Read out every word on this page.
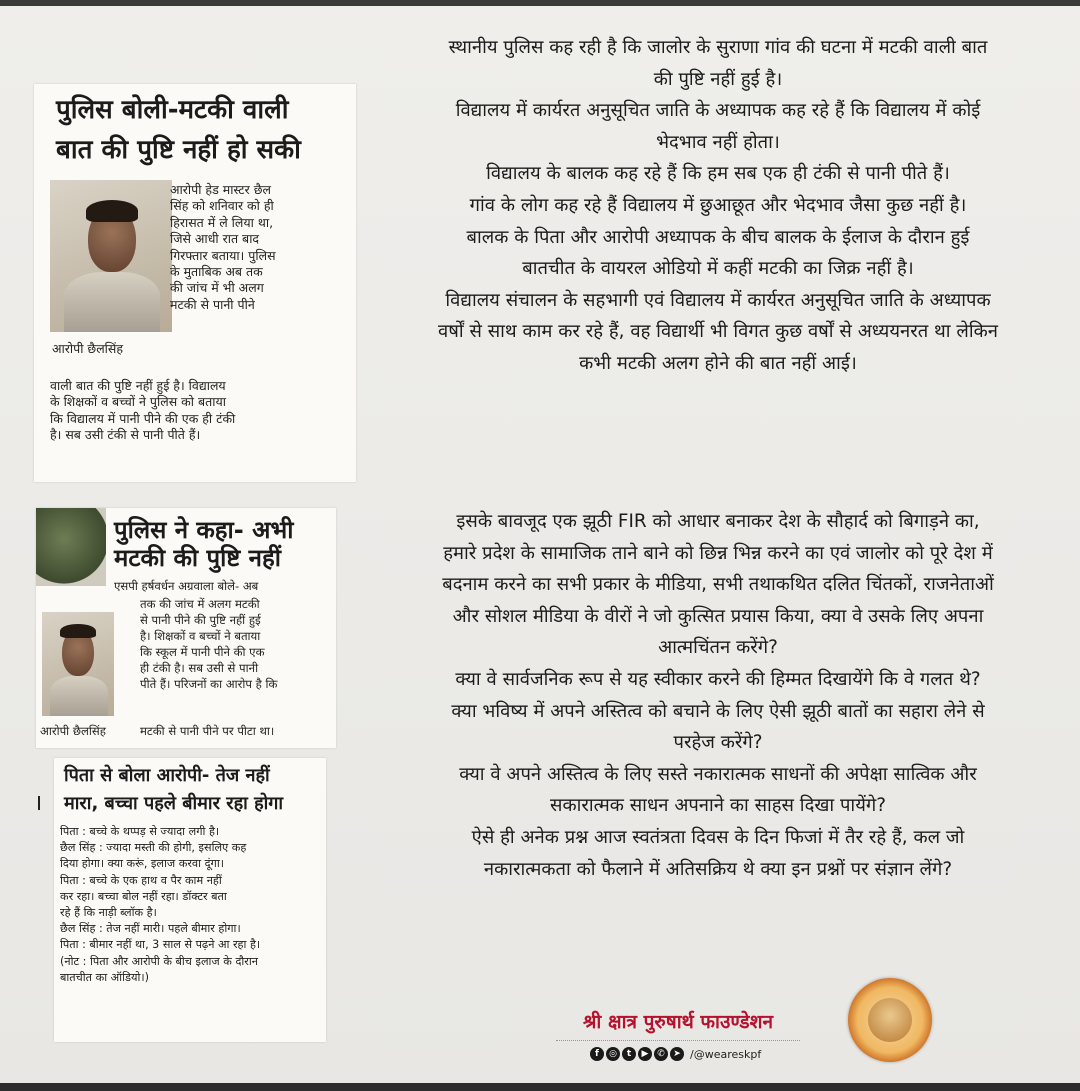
पुलिस बोली-मटकी वाली
बात की पुष्टि नहीं हो सकी
आरोपी हेड मास्टर छैल
सिंह को शनिवार को ही
हिरासत में ले लिया था,
जिसे आधी रात बाद
गिरफ्तार बताया। पुलिस
के मुताबिक अब तक
की जांच में भी अलग
मटकी से पानी पीने
आरोपी छैलसिंह
वाली बात की पुष्टि नहीं हुई है। विद्यालय
के शिक्षकों व बच्चों ने पुलिस को बताया
कि विद्यालय में पानी पीने की एक ही टंकी
है। सब उसी टंकी से पानी पीते हैं।
पुलिस ने कहा- अभी
मटकी की पुष्टि नहीं
एसपी हर्षवर्धन अग्रवाला बोले- अब
तक की जांच में अलग मटकी
से पानी पीने की पुष्टि नहीं हुई
है। शिक्षकों व बच्चों ने बताया
कि स्कूल में पानी पीने की एक
ही टंकी है। सब उसी से पानी
पीते हैं। परिजनों का आरोप है कि
आरोपी छैलसिंह	मटकी से पानी पीने पर पीटा था।
पिता से बोला आरोपी- तेज नहीं
मारा, बच्चा पहले बीमार रहा होगा
पिता : बच्चे के थप्पड़ से ज्यादा लगी है।
छैल सिंह : ज्यादा मस्ती की होगी, इसलिए कह
दिया होगा। क्या करूं, इलाज करवा दूंगा।
पिता : बच्चे के एक हाथ व पैर काम नहीं
कर रहा। बच्चा बोल नहीं रहा। डॉक्टर बता
रहे हैं कि नाड़ी ब्लॉक है।
छैल सिंह : तेज नहीं मारी। पहले बीमार होगा।
पिता : बीमार नहीं था, 3 साल से पढ़ने आ रहा है।
(नोट : पिता और आरोपी के बीच इलाज के दौरान
बातचीत का ऑडियो।)
स्थानीय पुलिस कह रही है कि जालोर के सुराणा गांव की घटना में मटकी वाली बात
की पुष्टि नहीं हुई है।
विद्यालय में कार्यरत अनुसूचित जाति के अध्यापक कह रहे हैं कि विद्यालय में कोई
भेदभाव नहीं होता।
विद्यालय के बालक कह रहे हैं कि हम सब एक ही टंकी से पानी पीते हैं।
गांव के लोग कह रहे हैं विद्यालय में छुआछूत और भेदभाव जैसा कुछ नहीं है।
बालक के पिता और आरोपी अध्यापक के बीच बालक के ईलाज के दौरान हुई
बातचीत के वायरल ओडियो में कहीं मटकी का जिक्र नहीं है।
विद्यालय संचालन के सहभागी एवं विद्यालय में कार्यरत अनुसूचित जाति के अध्यापक
वर्षों से साथ काम कर रहे हैं, वह विद्यार्थी भी विगत कुछ वर्षों से अध्ययनरत था लेकिन
कभी मटकी अलग होने की बात नहीं आई।
इसके बावजूद एक झूठी FIR को आधार बनाकर देश के सौहार्द को बिगाड़ने का,
हमारे प्रदेश के सामाजिक ताने बाने को छिन्न भिन्न करने का एवं जालोर को पूरे देश में
बदनाम करने का सभी प्रकार के मीडिया, सभी तथाकथित दलित चिंतकों, राजनेताओं
और सोशल मीडिया के वीरों ने जो कुत्सित प्रयास किया, क्या वे उसके लिए अपना
आत्मचिंतन करेंगे?
क्या वे सार्वजनिक रूप से यह स्वीकार करने की हिम्मत दिखायेंगे कि वे गलत थे?
क्या भविष्य में अपने अस्तित्व को बचाने के लिए ऐसी झूठी बातों का सहारा लेने से
परहेज करेंगे?
क्या वे अपने अस्तित्व के लिए सस्ते नकारात्मक साधनों की अपेक्षा सात्विक और
सकारात्मक साधन अपनाने का साहस दिखा पायेंगे?
ऐसे ही अनेक प्रश्न आज स्वतंत्रता दिवस के दिन फिजां में तैर रहे हैं, कल जो
नकारात्मकता को फैलाने में अतिसक्रिय थे क्या इन प्रश्नों पर संज्ञान लेंगे?
श्री क्षात्र पुरुषार्थ फाउण्डेशन
f	◎	t	▶ ✆ ➤ /@weareskpf
